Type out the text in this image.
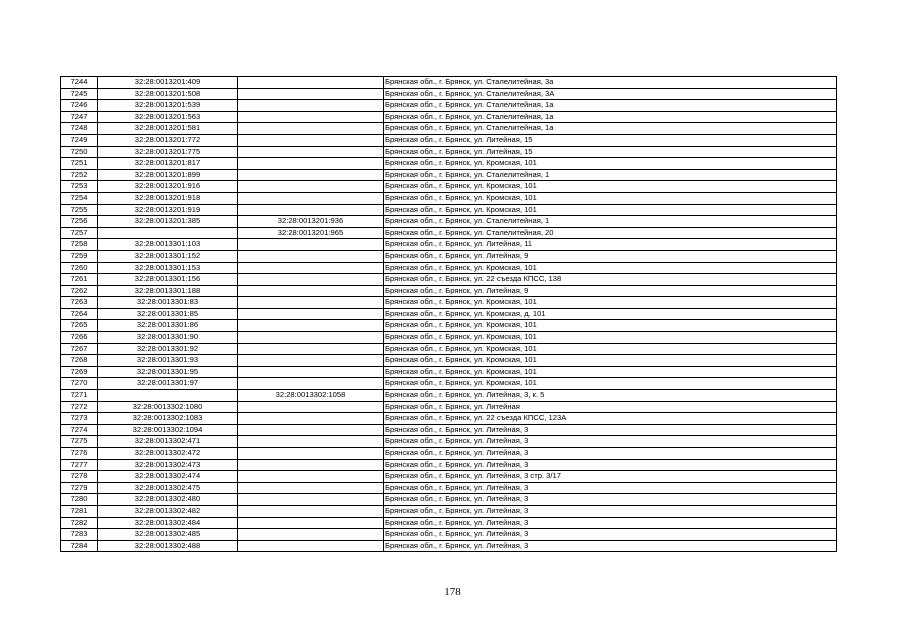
7244	32:28:0013201:409		Брянская обл., г. Брянск, ул. Сталелитейная, 3а
7245	32:28:0013201:508		Брянская обл., г. Брянск, ул. Сталелитейная, 3А
7246	32:28:0013201:539		Брянская обл., г. Брянск, ул. Сталелитейная, 1а
7247	32:28:0013201:563		Брянская обл., г. Брянск, ул. Сталелитейная, 1а
7248	32:28:0013201:581		Брянская обл., г. Брянск, ул. Сталелитейная, 1а
7249	32:28:0013201:772		Брянская обл., г. Брянск, ул. Литейная, 15
7250	32:28:0013201:775		Брянская обл., г. Брянск, ул. Литейная, 15
7251	32:28:0013201:817		Брянская обл., г. Брянск, ул. Кромская, 101
7252	32:28:0013201:899		Брянская обл., г. Брянск, ул. Сталелитейная, 1
7253	32:28:0013201:916		Брянская обл., г. Брянск, ул. Кромская, 101
7254	32:28:0013201:918		Брянская обл., г. Брянск, ул. Кромская, 101
7255	32:28:0013201:919		Брянская обл., г. Брянск, ул. Кромская, 101
7256	32:28:0013201:385	32:28:0013201:936	Брянская обл., г. Брянск, ул. Сталелитейная, 1
7257		32:28:0013201:965	Брянская обл., г. Брянск, ул. Сталелитейная, 20
7258	32:28:0013301:103		Брянская обл., г. Брянск, ул. Литейная, 11
7259	32:28:0013301:152		Брянская обл., г. Брянск, ул. Литейная, 9
7260	32:28:0013301:153		Брянская обл., г. Брянск, ул. Кромская, 101
7261	32:28:0013301:156		Брянская обл., г. Брянск, ул. 22 съезда КПСС, 138
7262	32:28:0013301:188		Брянская обл., г. Брянск, ул. Литейная, 9
7263	32:28:0013301:83		Брянская обл., г. Брянск, ул. Кромская, 101
7264	32:28:0013301:85		Брянская обл., г. Брянск, ул. Кромская, д. 101
7265	32:28:0013301:86		Брянская обл., г. Брянск, ул. Кромская, 101
7266	32:28:0013301:90		Брянская обл., г. Брянск, ул. Кромская, 101
7267	32:28:0013301:92		Брянская обл., г. Брянск, ул. Кромская, 101
7268	32:28:0013301:93		Брянская обл., г. Брянск, ул. Кромская, 101
7269	32:28:0013301:95		Брянская обл., г. Брянск, ул. Кромская, 101
7270	32:28:0013301:97		Брянская обл., г. Брянск, ул. Кромская, 101
7271		32:28:0013302:1058	Брянская обл., г. Брянск, ул. Литейная, 3, к. 5
7272	32:28:0013302:1080		Брянская обл., г. Брянск, ул. Литейная
7273	32:28:0013302:1083		Брянская обл., г. Брянск, ул. 22 съезда КПСС, 123А
7274	32:28:0013302:1094		Брянская обл., г. Брянск, ул. Литейная, 3
7275	32:28:0013302:471		Брянская обл., г. Брянск, ул. Литейная, 3
7276	32:28:0013302:472		Брянская обл., г. Брянск, ул. Литейная, 3
7277	32:28:0013302:473		Брянская обл., г. Брянск, ул. Литейная, 3
7278	32:28:0013302:474		Брянская обл., г. Брянск, ул. Литейная, 3 стр. 3/17
7279	32:28:0013302:475		Брянская обл., г. Брянск, ул. Литейная, 3
7280	32:28:0013302:480		Брянская обл., г. Брянск, ул. Литейная, 3
7281	32:28:0013302:482		Брянская обл., г. Брянск, ул. Литейная, 3
7282	32:28:0013302:484		Брянская обл., г. Брянск, ул. Литейная, 3
7283	32:28:0013302:485		Брянская обл., г. Брянск, ул. Литейная, 3
7284	32:28:0013302:488		Брянская обл., г. Брянск, ул. Литейная, 3
178
